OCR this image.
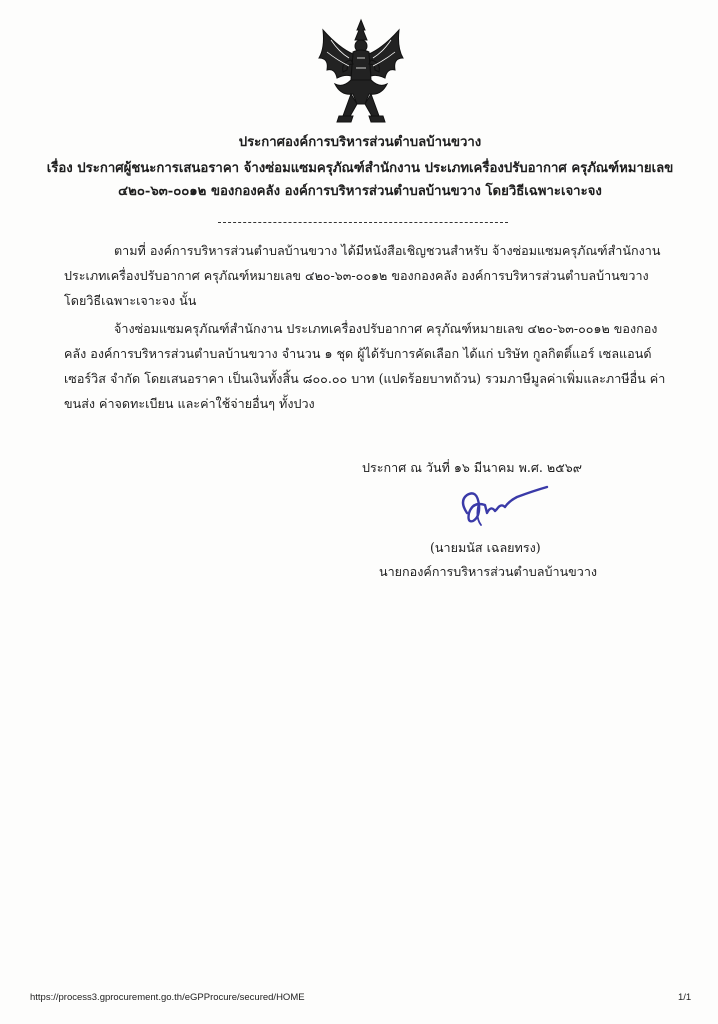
ประกาศองค์การบริหารส่วนตำบลบ้านขวาง
เรื่อง ประกาศผู้ชนะการเสนอราคา จ้างซ่อมแซมครุภัณฑ์สำนักงาน ประเภทเครื่องปรับอากาศ ครุภัณฑ์หมายเลข
๔๒๐-๖๓-๐๐๑๒ ของกองคลัง องค์การบริหารส่วนตำบลบ้านขวาง โดยวิธีเฉพาะเจาะจง
ตามที่ องค์การบริหารส่วนตำบลบ้านขวาง ได้มีหนังสือเชิญชวนสำหรับ จ้างซ่อมแซมครุภัณฑ์สำนักงาน
ประเภทเครื่องปรับอากาศ ครุภัณฑ์หมายเลข ๔๒๐-๖๓-๐๐๑๒ ของกองคลัง องค์การบริหารส่วนตำบลบ้านขวาง
โดยวิธีเฉพาะเจาะจง นั้น
จ้างซ่อมแซมครุภัณฑ์สำนักงาน ประเภทเครื่องปรับอากาศ ครุภัณฑ์หมายเลข ๔๒๐-๖๓-๐๐๑๒ ของกอง
คลัง องค์การบริหารส่วนตำบลบ้านขวาง จำนวน ๑ ชุด ผู้ได้รับการคัดเลือก ได้แก่ บริษัท กูลกิตติ์แอร์ เซลแอนด์
เซอร์วิส จำกัด โดยเสนอราคา เป็นเงินทั้งสิ้น ๘๐๐.๐๐ บาท (แปดร้อยบาทถ้วน) รวมภาษีมูลค่าเพิ่มและภาษีอื่น ค่า
ขนส่ง ค่าจดทะเบียน และค่าใช้จ่ายอื่นๆ ทั้งปวง
ประกาศ ณ วันที่ ๑๖ มีนาคม พ.ศ. ๒๕๖๙
(นายมนัส เฉลยทรง)
นายกองค์การบริหารส่วนตำบลบ้านขวาง
https://process3.gprocurement.go.th/eGPProcure/secured/HOME	1/1
